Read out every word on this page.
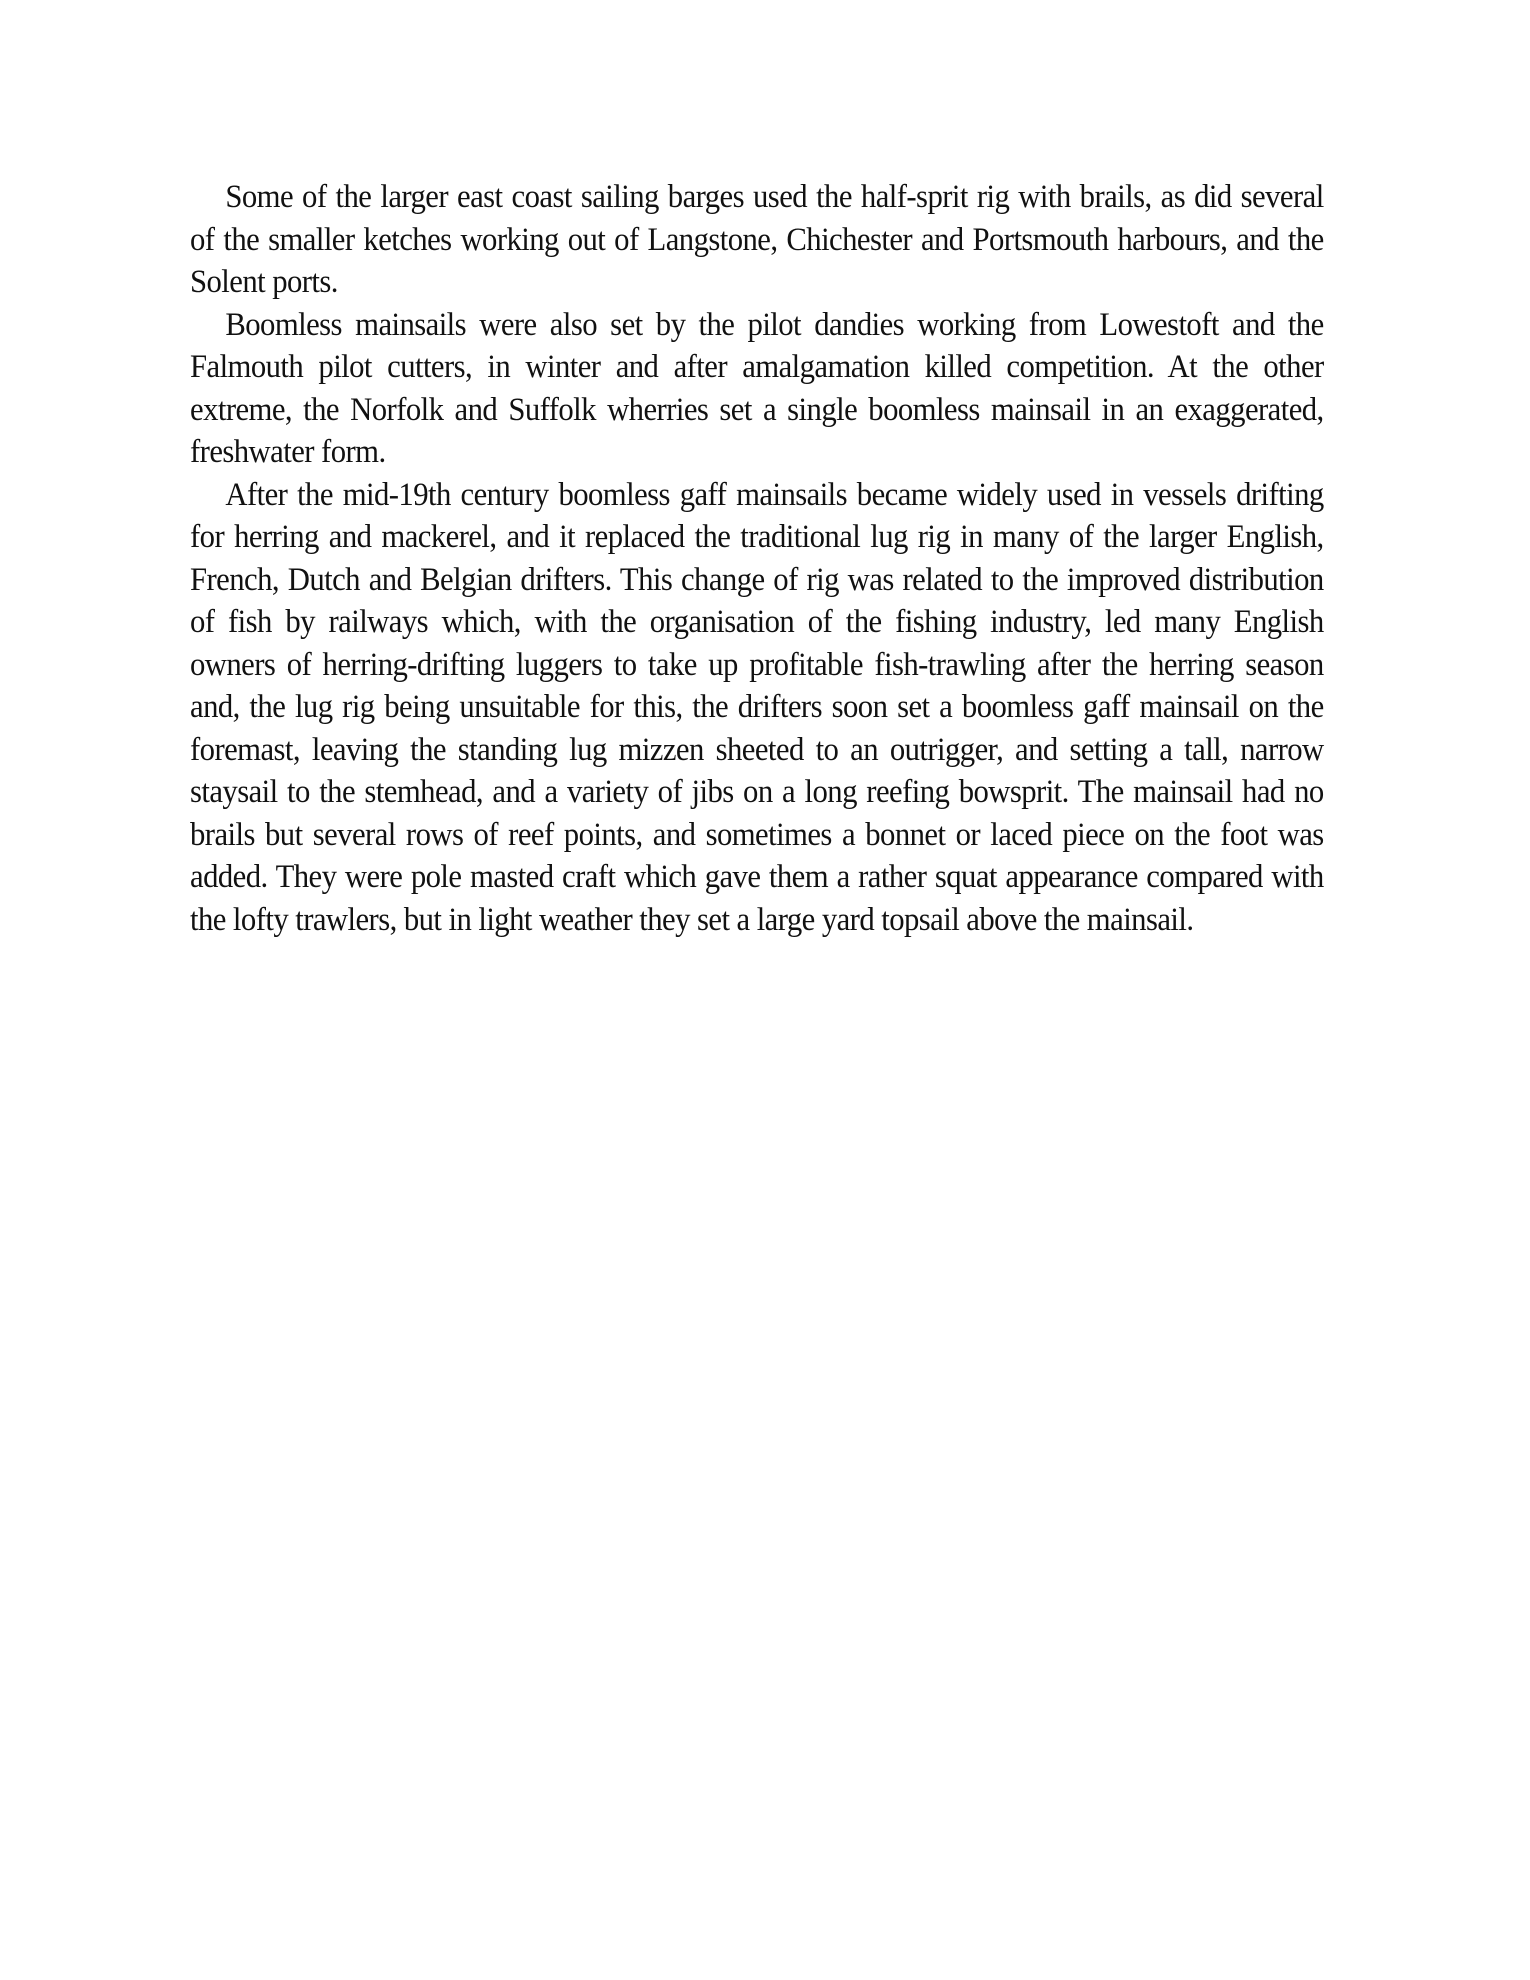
Some of the larger east coast sailing barges used the half-sprit rig with brails, as did several of the smaller ketches working out of Langstone, Chichester and Portsmouth harbours, and the Solent ports.

Boomless mainsails were also set by the pilot dandies working from Lowestoft and the Falmouth pilot cutters, in winter and after amalgamation killed competition. At the other extreme, the Norfolk and Suffolk wherries set a single boomless mainsail in an exaggerated, freshwater form.

After the mid-19th century boomless gaff mainsails became widely used in vessels drifting for herring and mackerel, and it replaced the traditional lug rig in many of the larger English, French, Dutch and Belgian drifters. This change of rig was related to the improved distribution of fish by railways which, with the organisation of the fishing industry, led many English owners of herring-drifting luggers to take up profitable fish-trawling after the herring season and, the lug rig being unsuitable for this, the drifters soon set a boomless gaff mainsail on the foremast, leaving the standing lug mizzen sheeted to an outrigger, and setting a tall, narrow staysail to the stemhead, and a variety of jibs on a long reefing bowsprit. The mainsail had no brails but several rows of reef points, and sometimes a bonnet or laced piece on the foot was added. They were pole masted craft which gave them a rather squat appearance compared with the lofty trawlers, but in light weather they set a large yard topsail above the mainsail.
